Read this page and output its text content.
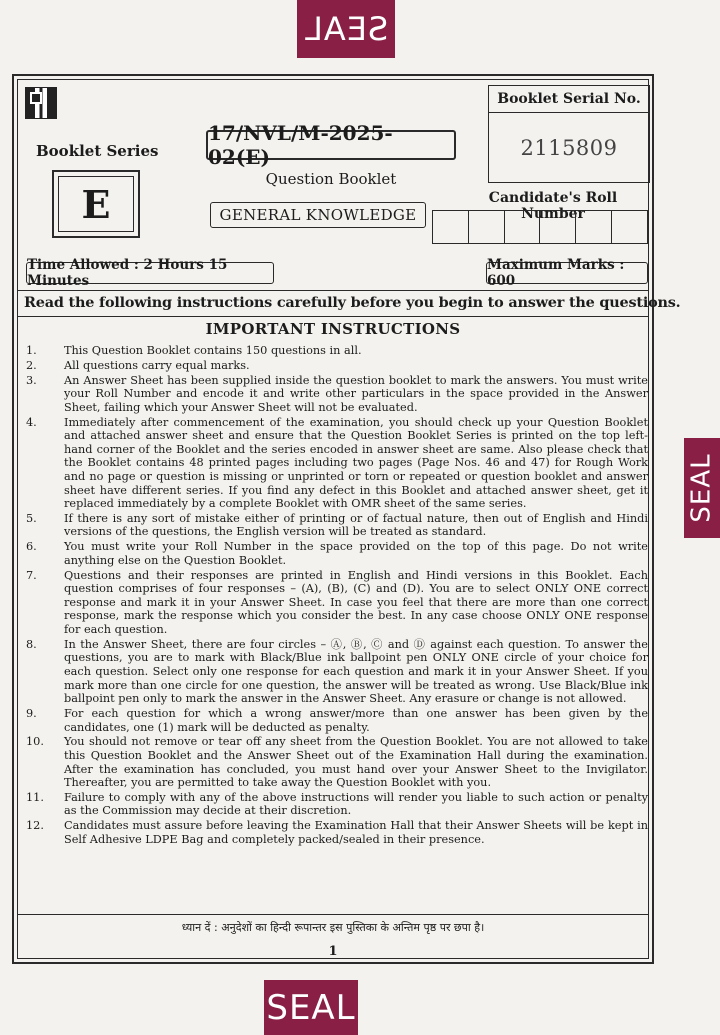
SEAL
SEAL
SEAL
Booklet Series
E
17/NVL/M-2025-02(E)
Question Booklet
GENERAL KNOWLEDGE
Booklet Serial No.
2115809
Candidate's Roll Number
Time Allowed : 2 Hours 15 Minutes
Maximum Marks : 600
Read the following instructions carefully before you begin to answer the questions.
IMPORTANT INSTRUCTIONS
1.	This Question Booklet contains 150 questions in all.
2.	All questions carry equal marks.
3.	An Answer Sheet has been supplied inside the question booklet to mark the answers. You must write your Roll Number and encode it and write other particulars in the space provided in the Answer Sheet, failing which your Answer Sheet will not be evaluated.
4.	Immediately after commencement of the examination, you should check up your Question Booklet and attached answer sheet and ensure that the Question Booklet Series is printed on the top left-hand corner of the Booklet and the series encoded in answer sheet are same. Also please check that the Booklet contains 48 printed pages including two pages (Page Nos. 46 and 47) for Rough Work and no page or question is missing or unprinted or torn or repeated or question booklet and answer sheet have different series. If you find any defect in this Booklet and attached answer sheet, get it replaced immediately by a complete Booklet with OMR sheet of the same series.
5.	If there is any sort of mistake either of printing or of factual nature, then out of English and Hindi versions of the questions, the English version will be treated as standard.
6.	You must write your Roll Number in the space provided on the top of this page. Do not write anything else on the Question Booklet.
7.	Questions and their responses are printed in English and Hindi versions in this Booklet. Each question comprises of four responses – (A), (B), (C) and (D). You are to select ONLY ONE correct response and mark it in your Answer Sheet. In case you feel that there are more than one correct response, mark the response which you consider the best. In any case choose ONLY ONE response for each question.
8.	In the Answer Sheet, there are four circles – Ⓐ, Ⓑ, Ⓒ and Ⓓ against each question. To answer the questions, you are to mark with Black/Blue ink ballpoint pen ONLY ONE circle of your choice for each question. Select only one response for each question and mark it in your Answer Sheet. If you mark more than one circle for one question, the answer will be treated as wrong. Use Black/Blue ink ballpoint pen only to mark the answer in the Answer Sheet. Any erasure or change is not allowed.
9.	For each question for which a wrong answer/more than one answer has been given by the candidates, one (1) mark will be deducted as penalty.
10.	You should not remove or tear off any sheet from the Question Booklet. You are not allowed to take this Question Booklet and the Answer Sheet out of the Examination Hall during the examination. After the examination has concluded, you must hand over your Answer Sheet to the Invigilator. Thereafter, you are permitted to take away the Question Booklet with you.
11.	Failure to comply with any of the above instructions will render you liable to such action or penalty as the Commission may decide at their discretion.
12.	Candidates must assure before leaving the Examination Hall that their Answer Sheets will be kept in Self Adhesive LDPE Bag and completely packed/sealed in their presence.
ध्यान दें : अनुदेशों का हिन्दी रूपान्तर इस पुस्तिका के अन्तिम पृष्ठ पर छपा है।
1
